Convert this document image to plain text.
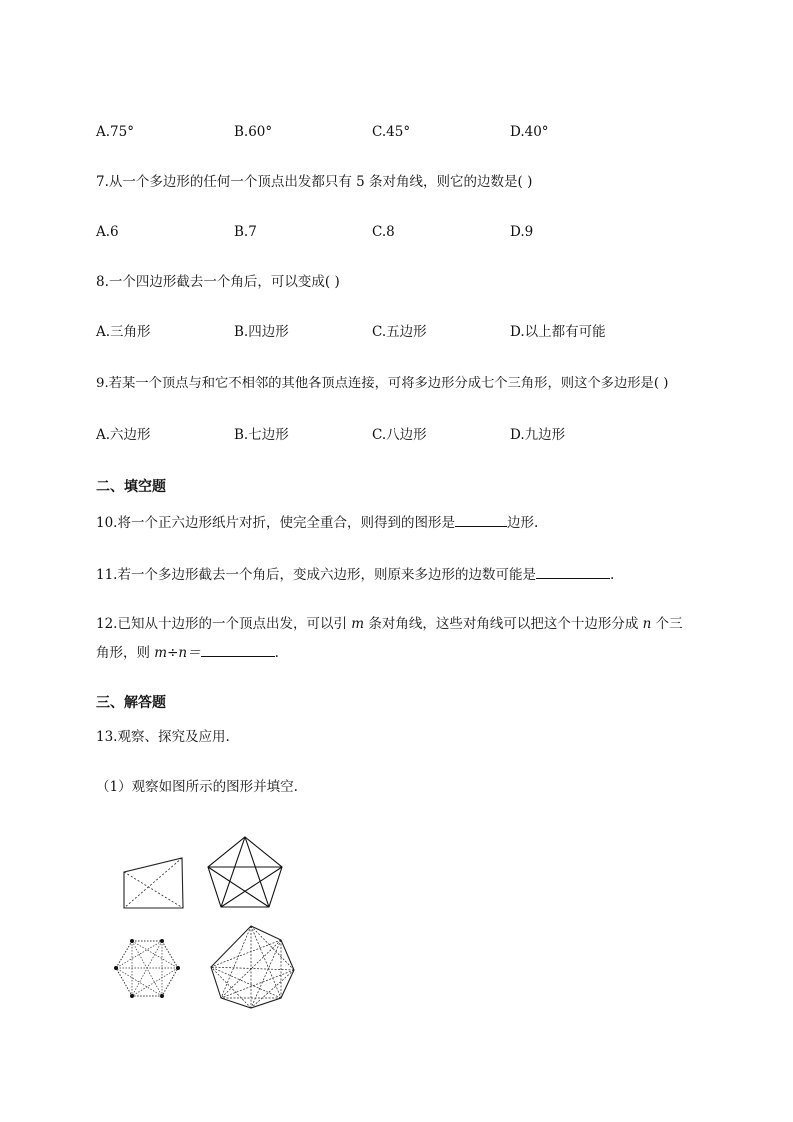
A.75°	B.60°	C.45°	D.40°
7.从一个多边形的任何一个顶点出发都只有 5 条对角线，则它的边数是( )
A.6	B.7	C.8	D.9
8.一个四边形截去一个角后，可以变成( )
A.三角形	B.四边形	C.五边形	D.以上都有可能
9.若某一个顶点与和它不相邻的其他各顶点连接，可将多边形分成七个三角形，则这个多边形是( )
A.六边形	B.七边形	C.八边形	D.九边形
二、填空题
10.将一个正六边形纸片对折，使完全重合，则得到的图形是	边形.
11.若一个多边形截去一个角后，变成六边形，则原来多边形的边数可能是	.
12.已知从十边形的一个顶点出发，可以引 m 条对角线，这些对角线可以把这个十边形分成 n 个三
角形，则 m÷n＝	.
三、解答题
13.观察、探究及应用.
（1）观察如图所示的图形并填空.
